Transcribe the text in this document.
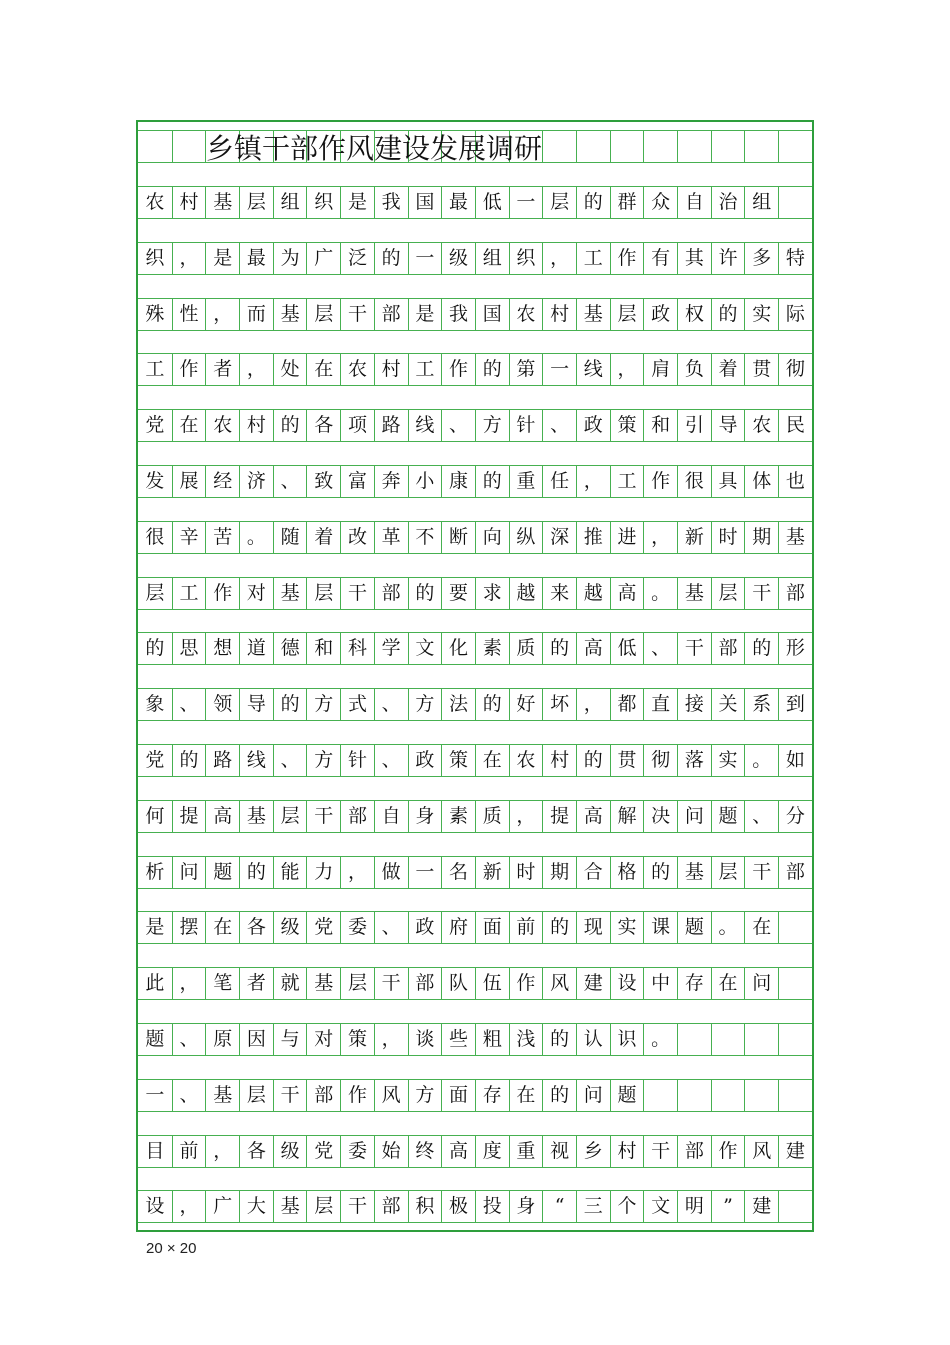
乡镇干部作风建设发展调研
农 村 基 层 组 织 是 我 国 最 低 一 层 的 群 众 自 治 组
织 ， 是 最 为 广 泛 的 一 级 组 织 ， 工 作 有 其 许 多 特
殊 性 ， 而 基 层 干 部 是 我 国 农 村 基 层 政 权 的 实 际
工 作 者 ， 处 在 农 村 工 作 的 第 一 线 ， 肩 负 着 贯 彻
党 在 农 村 的 各 项 路 线 、 方 针 、 政 策 和 引 导 农 民
发 展 经 济 、 致 富 奔 小 康 的 重 任 ， 工 作 很 具 体 也
很 辛 苦 。 随 着 改 革 不 断 向 纵 深 推 进 ， 新 时 期 基
层 工 作 对 基 层 干 部 的 要 求 越 来 越 高 。 基 层 干 部
的 思 想 道 德 和 科 学 文 化 素 质 的 高 低 、 干 部 的 形
象 、 领 导 的 方 式 、 方 法 的 好 坏 ， 都 直 接 关 系 到
党 的 路 线 、 方 针 、 政 策 在 农 村 的 贯 彻 落 实 。 如
何 提 高 基 层 干 部 自 身 素 质 ， 提 高 解 决 问 题 、 分
析 问 题 的 能 力 ， 做 一 名 新 时 期 合 格 的 基 层 干 部
是 摆 在 各 级 党 委 、 政 府 面 前 的 现 实 课 题 。 在
此 ， 笔 者 就 基 层 干 部 队 伍 作 风 建 设 中 存 在 问
题 、 原 因 与 对 策 ， 谈 些 粗 浅 的 认 识 。
一 、 基 层 干 部 作 风 方 面 存 在 的 问 题
目 前 ， 各 级 党 委 始 终 高 度 重 视 乡 村 干 部 作 风 建
设 ， 广 大 基 层 干 部 积 极 投 身	“	三 个 文 明	”	建
20 × 20
